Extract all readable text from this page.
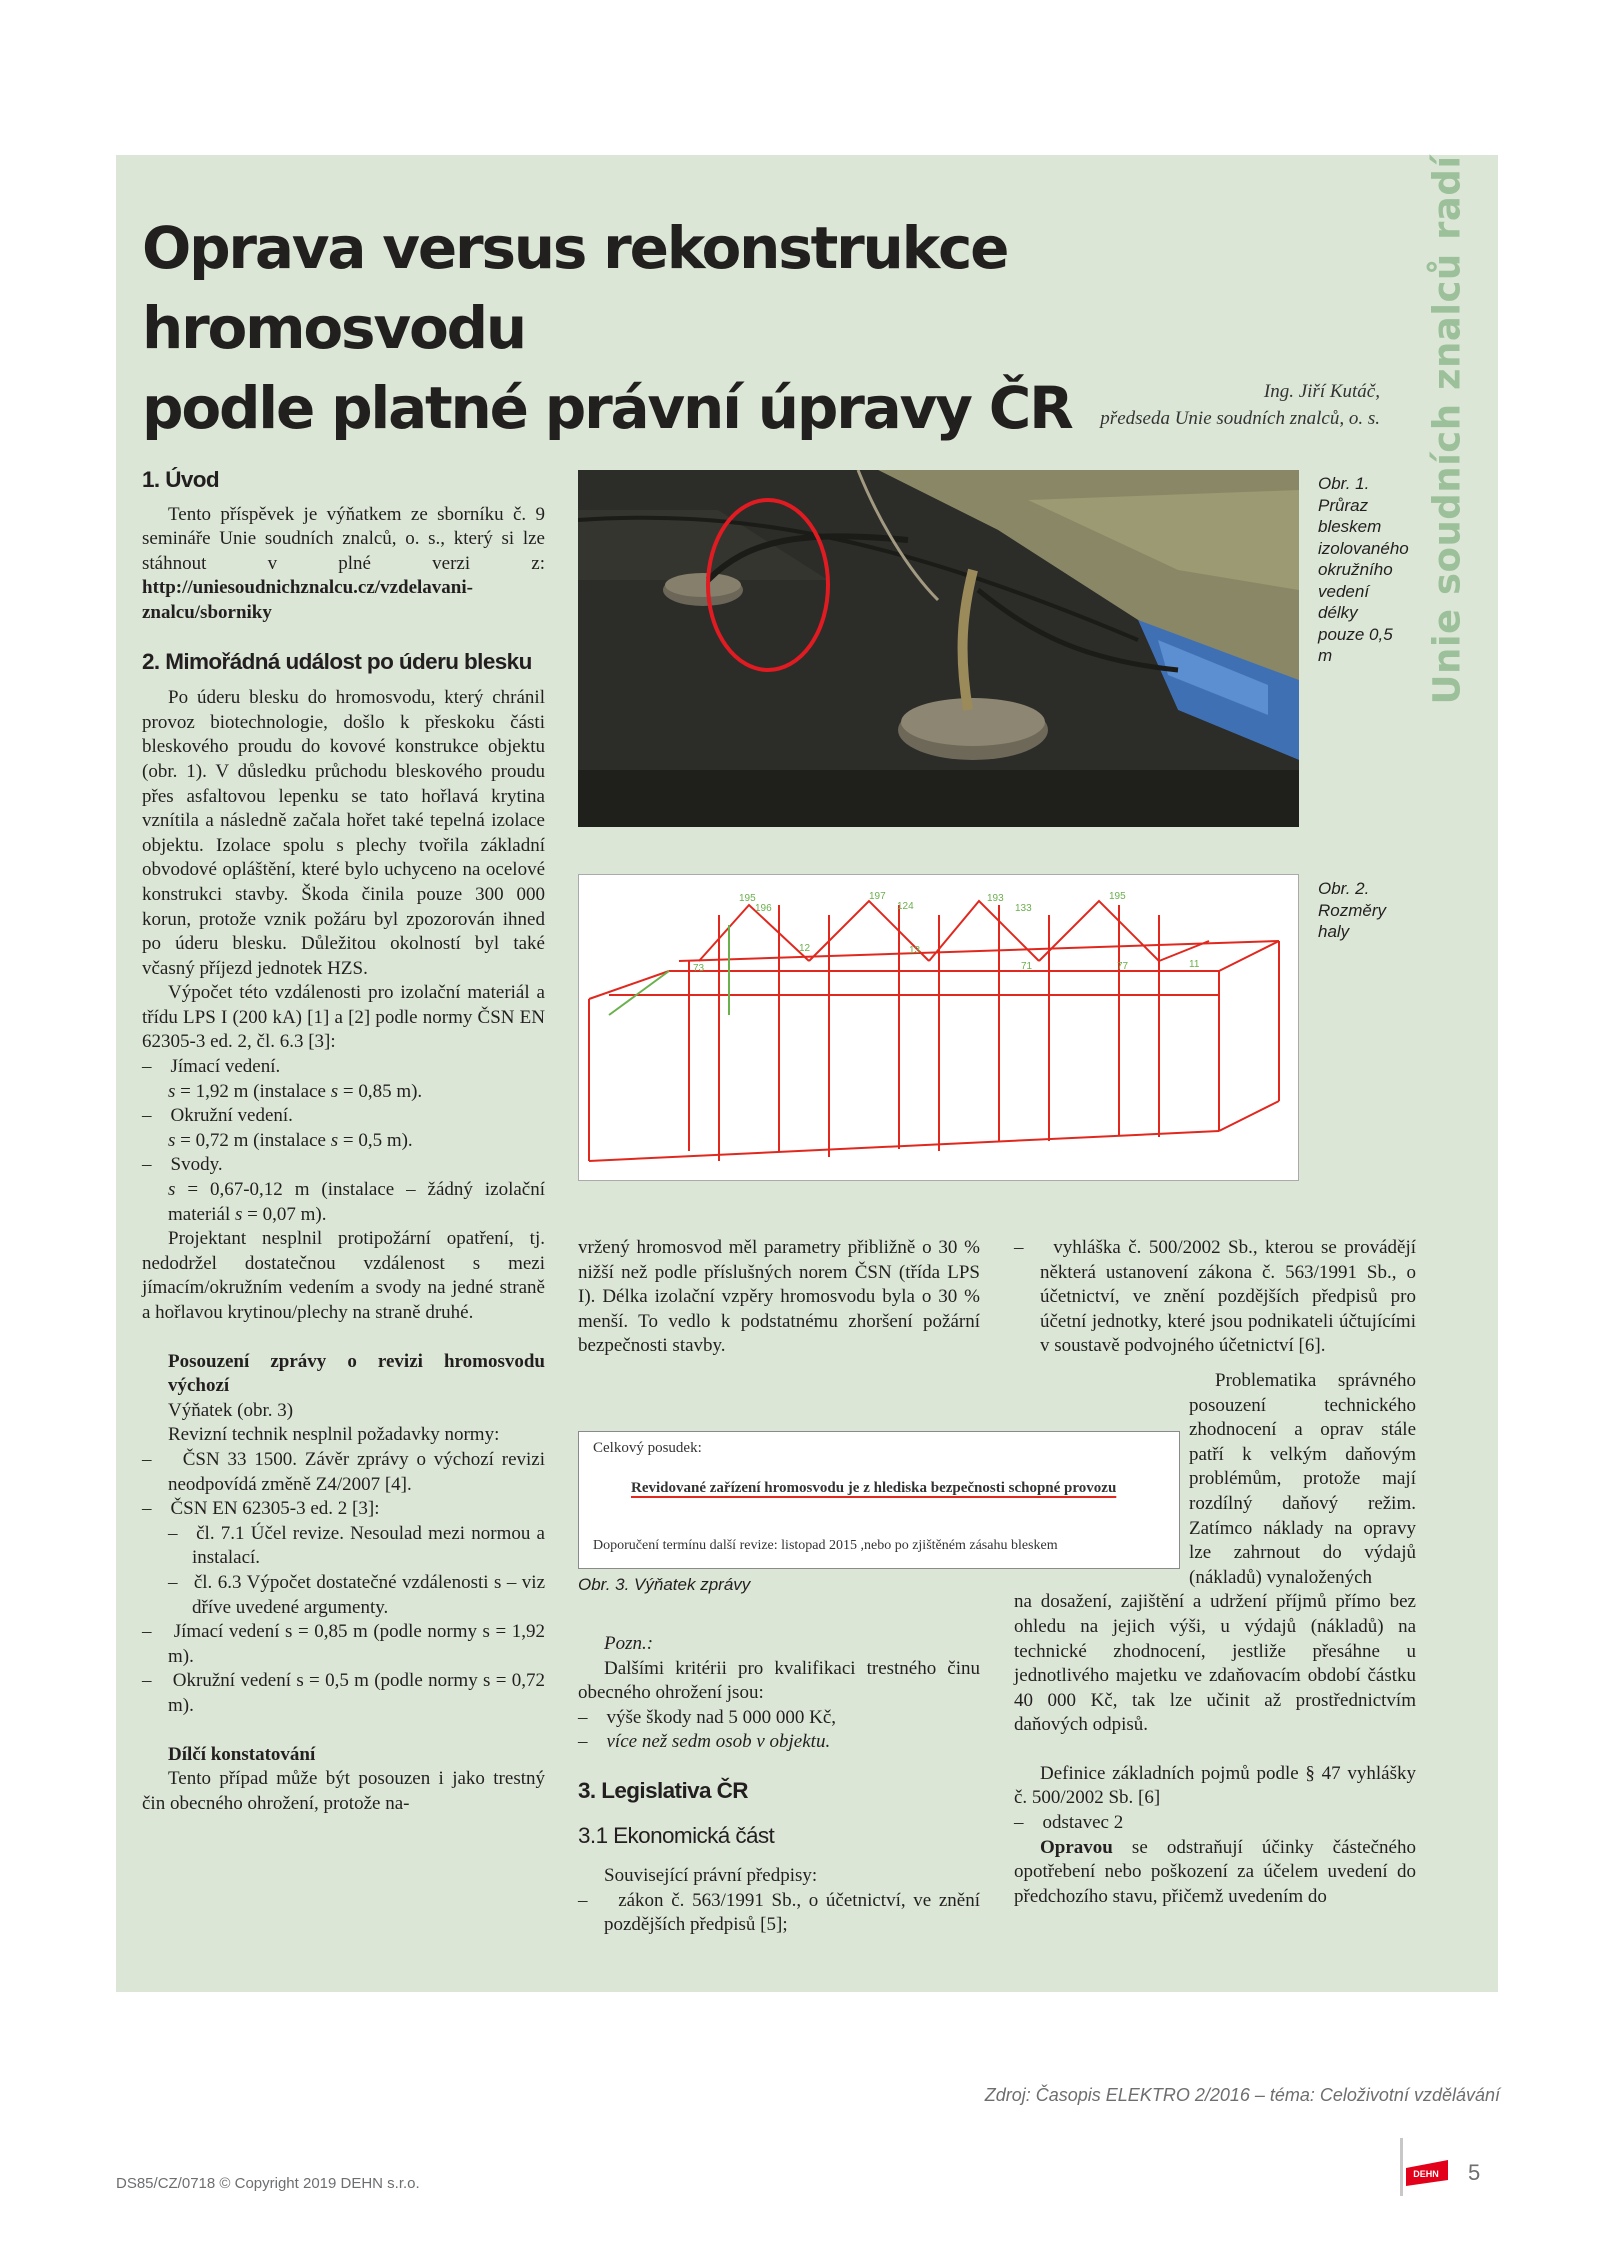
Unie soudních znalců radí
Oprava versus rekonstrukce hromosvodu
podle platné právní úpravy ČR	Ing. Jiří Kutáč,
předseda Unie soudních znalců, o. s.
1. Úvod

Tento příspěvek je výňatkem ze sborníku č. 9 semináře Unie soudních znalců, o. s., který si lze stáhnout v plné verzi z: http://uniesoudnichznalcu.cz/vzdelavani-znalcu/sborniky

2. Mimořádná událost po úderu blesku

Po úderu blesku do hromosvodu, který chránil provoz biotechnologie, došlo k přeskoku části bleskového proudu do kovové konstrukce objektu (obr. 1). V důsledku průchodu bleskového proudu přes asfaltovou lepenku se tato hořlavá krytina vznítila a následně začala hořet také tepelná izolace objektu. Izolace spolu s plechy tvořila základní obvodové opláštění, které bylo uchyceno na ocelové konstrukci stavby. Škoda činila pouze 300 000 korun, protože vznik požáru byl zpozorován ihned po úderu blesku. Důležitou okolností byl také včasný příjezd jednotek HZS.

Výpočet této vzdálenosti pro izolační materiál a třídu LPS I (200 kA) [1] a [2] podle normy ČSN EN 62305-3 ed. 2, čl. 6.3 [3]:

–    Jímací vedení.

s = 1,92 m (instalace s = 0,85 m).

–    Okružní vedení.

s = 0,72 m (instalace s = 0,5 m).

–    Svody.

s = 0,67-0,12 m (instalace – žádný izolační materiál s = 0,07 m).

Projektant nesplnil protipožární opatření, tj. nedodržel dostatečnou vzdálenost s mezi jímacím/okružním vedením a svody na jedné straně a hořlavou krytinou/plechy na straně druhé.

Posouzení zprávy o revizi hromosvodu výchozí

Výňatek (obr. 3)

Revizní technik nesplnil požadavky normy:

–    ČSN 33 1500. Závěr zprávy o výchozí revizi neodpovídá změně Z4/2007 [4].

–    ČSN EN 62305-3 ed. 2 [3]:

–   čl. 7.1 Účel revize. Nesoulad mezi normou a instalací.

–   čl. 6.3 Výpočet dostatečné vzdálenosti s – viz dříve uvedené argumenty.

–    Jímací vedení s = 0,85 m (podle normy s = 1,92 m).

–    Okružní vedení s = 0,5 m (podle normy s = 0,72 m).

Dílčí konstatování

Tento případ může být posouzen i jako trestný čin obecného ohrožení, protože na-

Obr. 1. Průraz bleskem izolovaného okružního vedení délky pouze 0,5 m
195
196
197
124
193
133
195
12	13
73	71	77	11
Obr. 2. Rozměry haly

vržený hromosvod měl parametry přibližně o 30 % nižší než podle příslušných norem ČSN (třída LPS I). Délka izolační vzpěry hromosvodu byla o 30 % menší. To vedlo k podstatnému zhoršení požární bezpečnosti stavby.

Celkový posudek:
Revidované zařízení hromosvodu je z hlediska bezpečnosti schopné provozu
Doporučení termínu další revize: listopad 2015 ,nebo po zjištěném zásahu bleskem
Obr. 3. Výňatek zprávy

Pozn.:

Dalšími kritérii pro kvalifikaci trestného činu obecného ohrožení jsou:

–    výše škody nad 5 000 000 Kč,

–    více než sedm osob v objektu.

3. Legislativa ČR
3.1 Ekonomická část

Související právní předpisy:

–    zákon č. 563/1991 Sb., o účetnictví, ve znění pozdějších předpisů [5];

–    vyhláška č. 500/2002 Sb., kterou se provádějí některá ustanovení zákona č. 563/1991 Sb., o účetnictví, ve znění pozdějších předpisů pro účetní jednotky, které jsou podnikateli účtujícími v soustavě podvojného účetnictví [6].

Problematika správného posouzení technického zhodnocení a oprav stále patří k velkým daňovým problémům, protože mají rozdílný daňový režim. Zatímco náklady na opravy lze zahrnout do výdajů (nákladů) vynaložených

na dosažení, zajištění a udržení příjmů přímo bez ohledu na jejich výši, u výdajů (nákladů) na technické zhodnocení, jestliže přesáhne u jednotlivého majetku ve zdaňovacím období částku 40 000 Kč, tak lze učinit až prostřednictvím daňových odpisů.

Definice základních pojmů podle § 47 vyhlášky č. 500/2002 Sb. [6]

–    odstavec 2

Opravou se odstraňují účinky částečného opotřebení nebo poškození za účelem uvedení do předchozího stavu, přičemž uvedením do

Zdroj: Časopis ELEKTRO 2/2016 – téma: Celoživotní vzdělávání
DS85/CZ/0718 © Copyright 2019 DEHN s.r.o.
DEHN 5
